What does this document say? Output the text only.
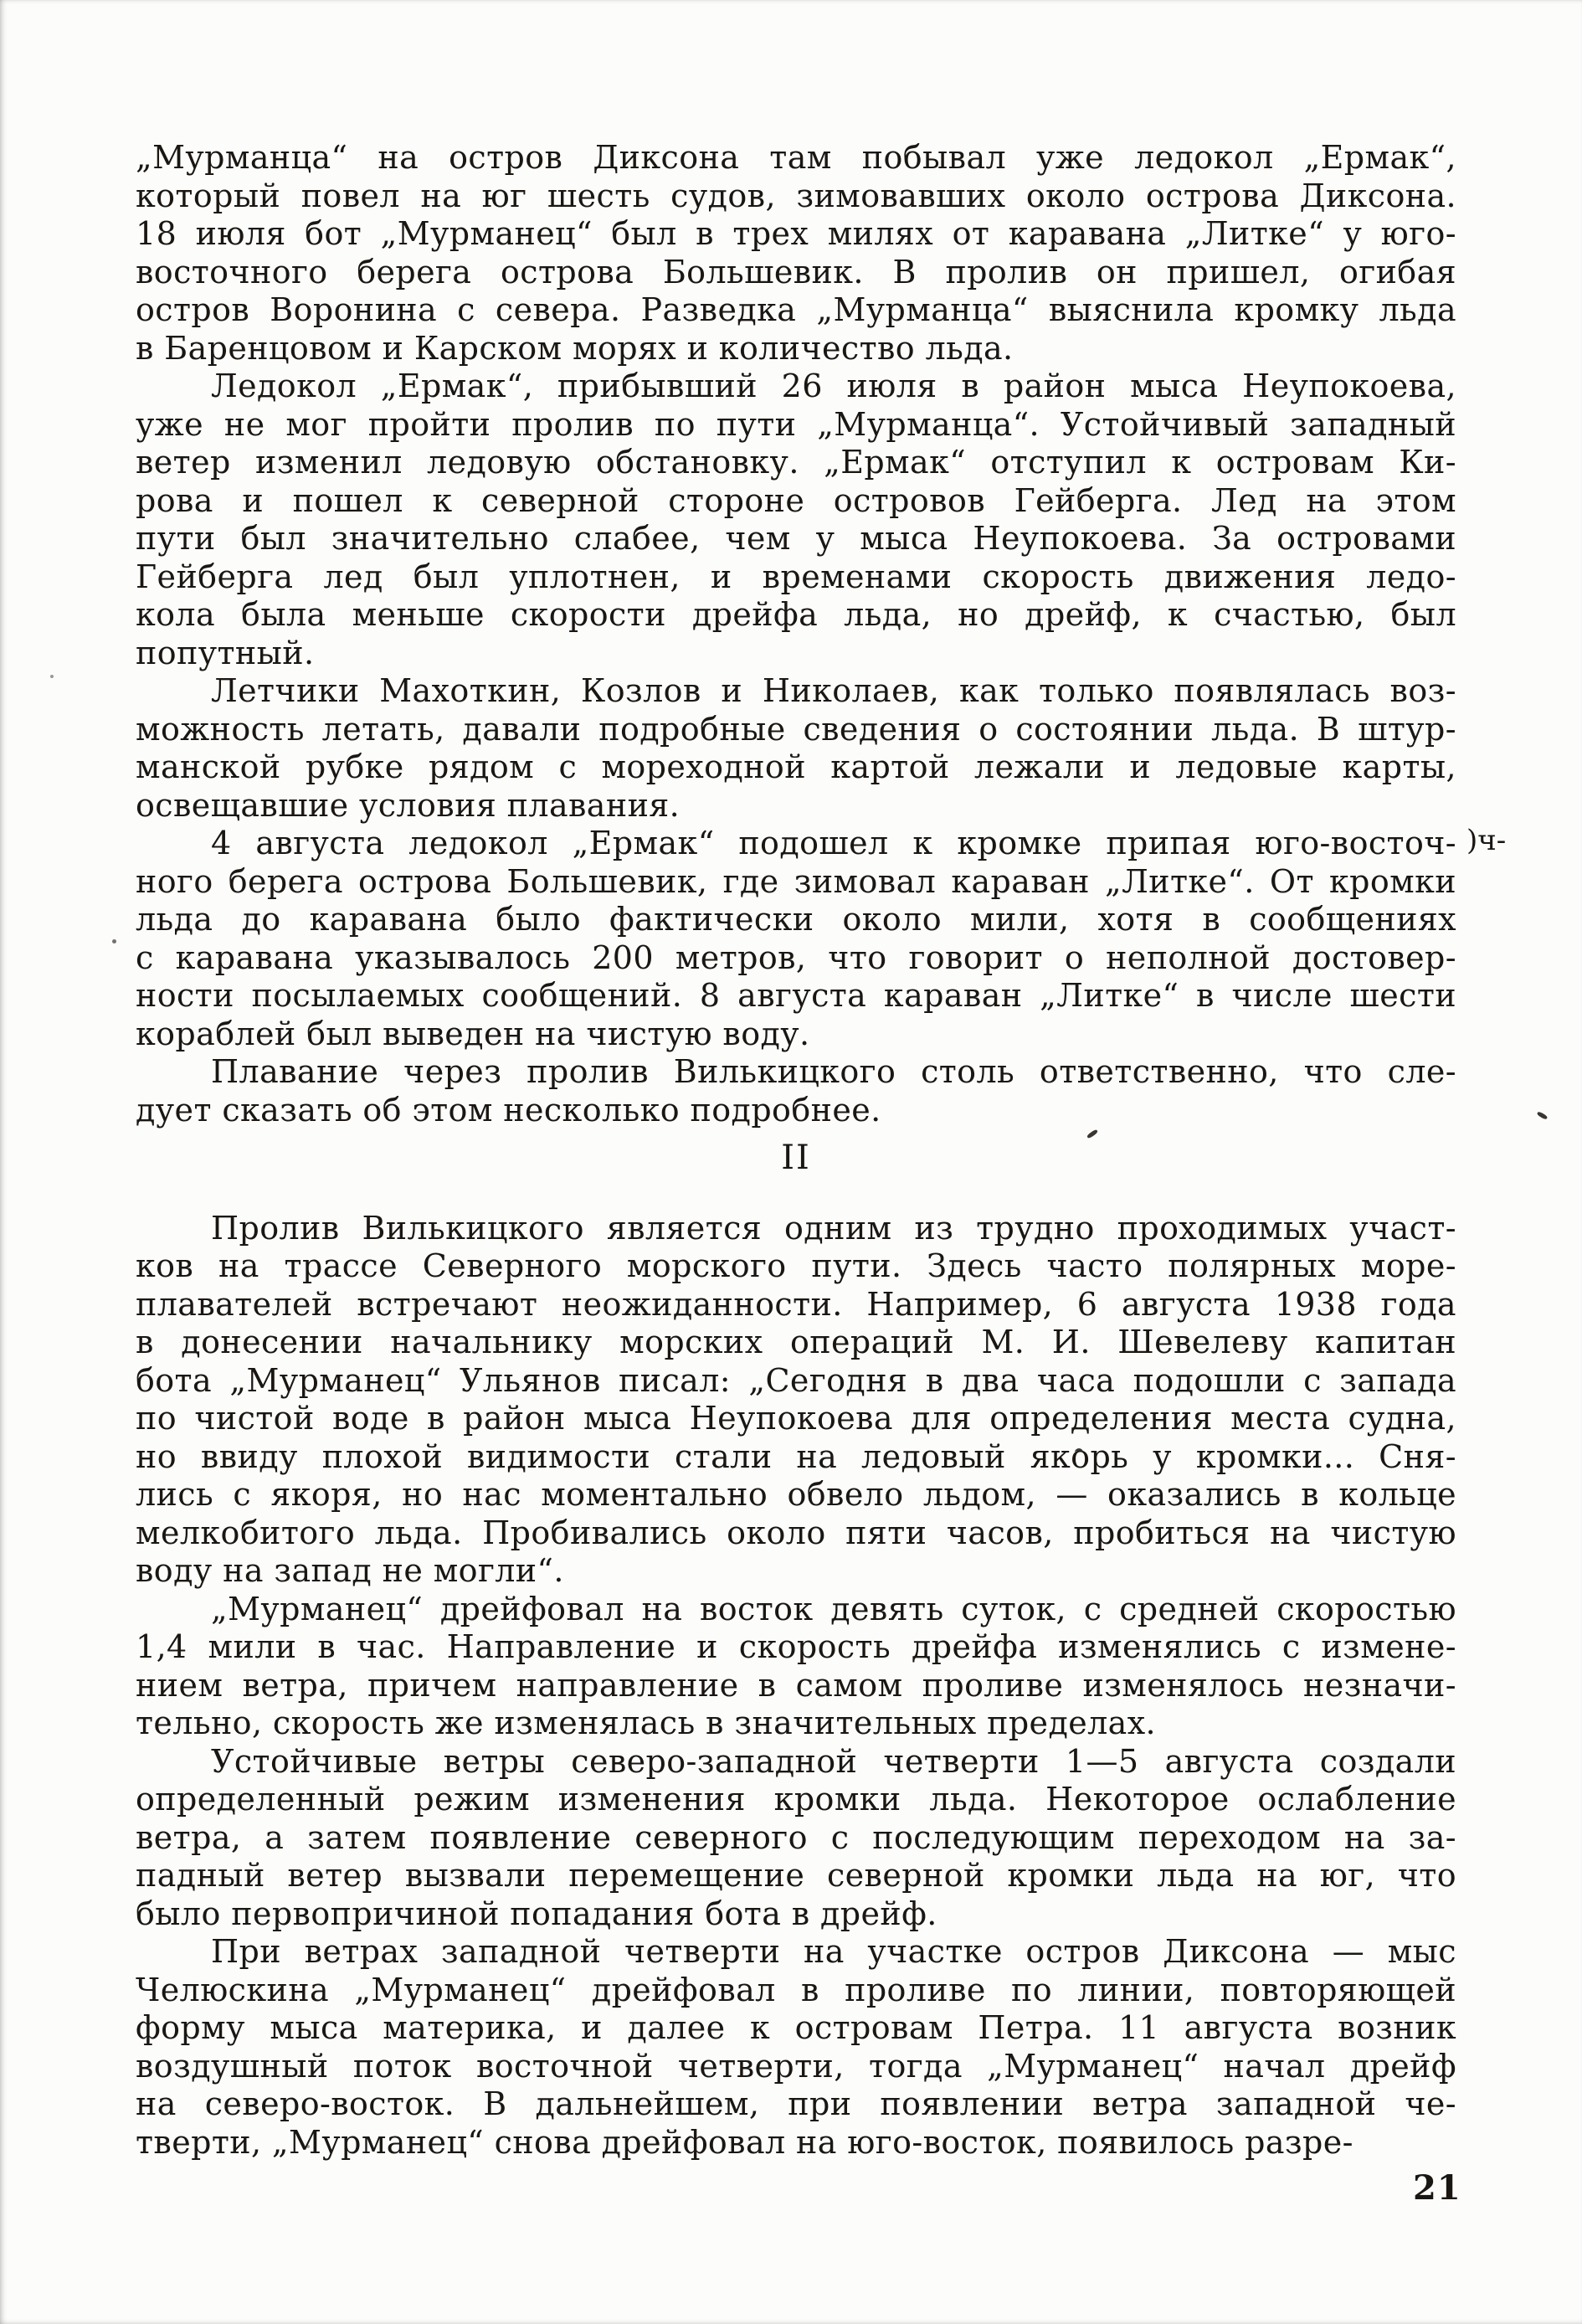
„Мурманца“ на остров Диксона там побывал уже ледокол „Ермак“,
который повел на юг шесть судов, зимовавших около острова Диксона.
18 июля бот „Мурманец“ был в трех милях от каравана „Литке“ у юго-
восточного берега острова Большевик. В пролив он пришел, огибая
остров Воронина с севера. Разведка „Мурманца“ выяснила кромку льда
в Баренцовом и Карском морях и количество льда.
Ледокол „Ермак“, прибывший 26 июля в район мыса Неупокоева,
уже не мог пройти пролив по пути „Мурманца“. Устойчивый западный
ветер изменил ледовую обстановку. „Ермак“ отступил к островам Ки-
рова и пошел к северной стороне островов Гейберга. Лед на этом
пути был значительно слабее, чем у мыса Неупокоева. За островами
Гейберга лед был уплотнен, и временами скорость движения ледо-
кола была меньше скорости дрейфа льда, но дрейф, к счастью, был
попутный.
Летчики Махоткин, Козлов и Николаев, как только появлялась воз-
можность летать, давали подробные сведения о состоянии льда. В штур-
манской рубке рядом с мореходной картой лежали и ледовые карты,
освещавшие условия плавания.
4 августа ледокол „Ермак“ подошел к кромке припая юго-восточ-
ного берега острова Большевик, где зимовал караван „Литке“. От кромки
льда до каравана было фактически около мили, хотя в сообщениях
с каравана указывалось 200 метров, что говорит о неполной достовер-
ности посылаемых сообщений. 8 августа караван „Литке“ в числе шести
кораблей был выведен на чистую воду.
Плавание через пролив Вилькицкого столь ответственно, что сле-
дует сказать об этом несколько подробнее.
II
Пролив Вилькицкого является одним из трудно проходимых участ-
ков на трассе Северного морского пути. Здесь часто полярных море-
плавателей встречают неожиданности. Например, 6 августа 1938 года
в донесении начальнику морских операций М. И. Шевелеву капитан
бота „Мурманец“ Ульянов писал: „Сегодня в два часа подошли с запада
по чистой воде в район мыса Неупокоева для определения места судна,
но ввиду плохой видимости стали на ледовый якорь у кромки... Сня-
лись с якоря, но нас моментально обвело льдом, — оказались в кольце
мелкобитого льда. Пробивались около пяти часов, пробиться на чистую
воду на запад не могли“.
„Мурманец“ дрейфовал на восток девять суток, с средней скоростью
1,4 мили в час. Направление и скорость дрейфа изменялись с измене-
нием ветра, причем направление в самом проливе изменялось незначи-
тельно, скорость же изменялась в значительных пределах.
Устойчивые ветры северо-западной четверти 1—5 августа создали
определенный режим изменения кромки льда. Некоторое ослабление
ветра, а затем появление северного с последующим переходом на за-
падный ветер вызвали перемещение северной кромки льда на юг, что
было первопричиной попадания бота в дрейф.
При ветрах западной четверти на участке остров Диксона — мыс
Челюскина „Мурманец“ дрейфовал в проливе по линии, повторяющей
форму мыса материка, и далее к островам Петра. 11 августа возник
воздушный поток восточной четверти, тогда „Мурманец“ начал дрейф
на северо-восток. В дальнейшем, при появлении ветра западной че-
тверти, „Мурманец“ снова дрейфовал на юго-восток, появилось разре-
)ч-
21
